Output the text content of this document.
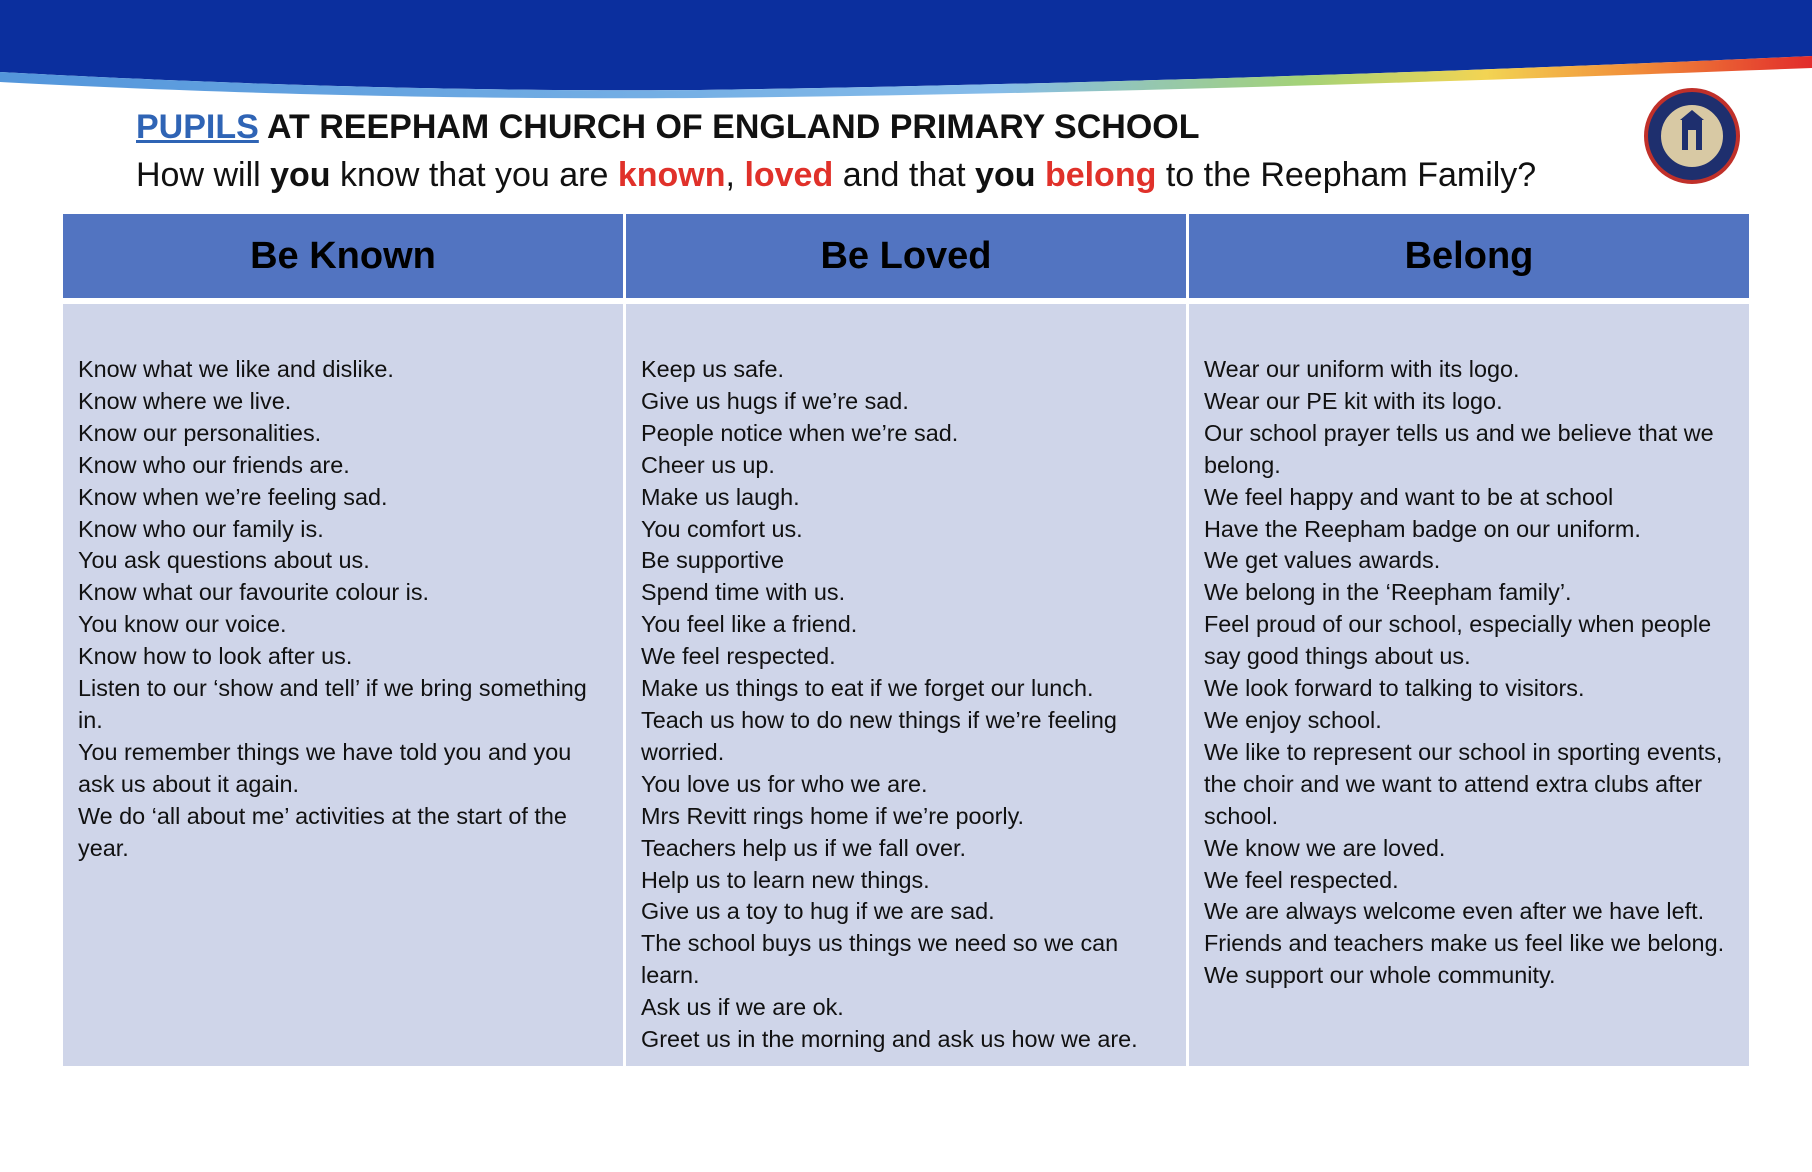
PUPILS AT REEPHAM CHURCH OF ENGLAND PRIMARY SCHOOL
How will you know that you are known, loved and that you belong to the Reepham Family?
Be Known	Be Loved	Belong
Know what we like and dislike.
Know where we live.
Know our personalities.
Know who our friends are.
Know when we’re feeling sad.
Know who our family is.
You ask questions about us.
Know what our favourite colour is.
You know our voice.
Know how to look after us.
Listen to our ‘show and tell’ if we bring something in.
You remember things we have told you and you ask us about it again.
We do ‘all about me’ activities at the start of the year.
Keep us safe.
Give us hugs if we’re sad.
People notice when we’re sad.
Cheer us up.
Make us laugh.
You comfort us.
Be supportive
Spend time with us.
You feel like a friend.
We feel respected.
Make us things to eat if we forget our lunch.
Teach us how to do new things if we’re feeling worried.
You love us for who we are.
Mrs Revitt rings home if we’re poorly.
Teachers help us if we fall over.
Help us to learn new things.
Give us a toy to hug if we are sad.
The school buys us things we need so we can learn.
Ask us if we are ok.
Greet us in the morning and ask us how we are.
Wear our uniform with its logo.
Wear our PE kit with its logo.
Our school prayer tells us and we believe that we belong.
We feel happy and want to be at school
Have the Reepham badge on our uniform.
We get values awards.
We belong in the ‘Reepham family’.
Feel proud of our school, especially when people say good things about us.
We look forward to talking to visitors.
We enjoy school.
We like to represent our school in sporting events, the choir and we want to attend extra clubs after school.
We know we are loved.
We feel respected.
We are always welcome even after we have left.
Friends and teachers make us feel like we belong.
We support our whole community.
